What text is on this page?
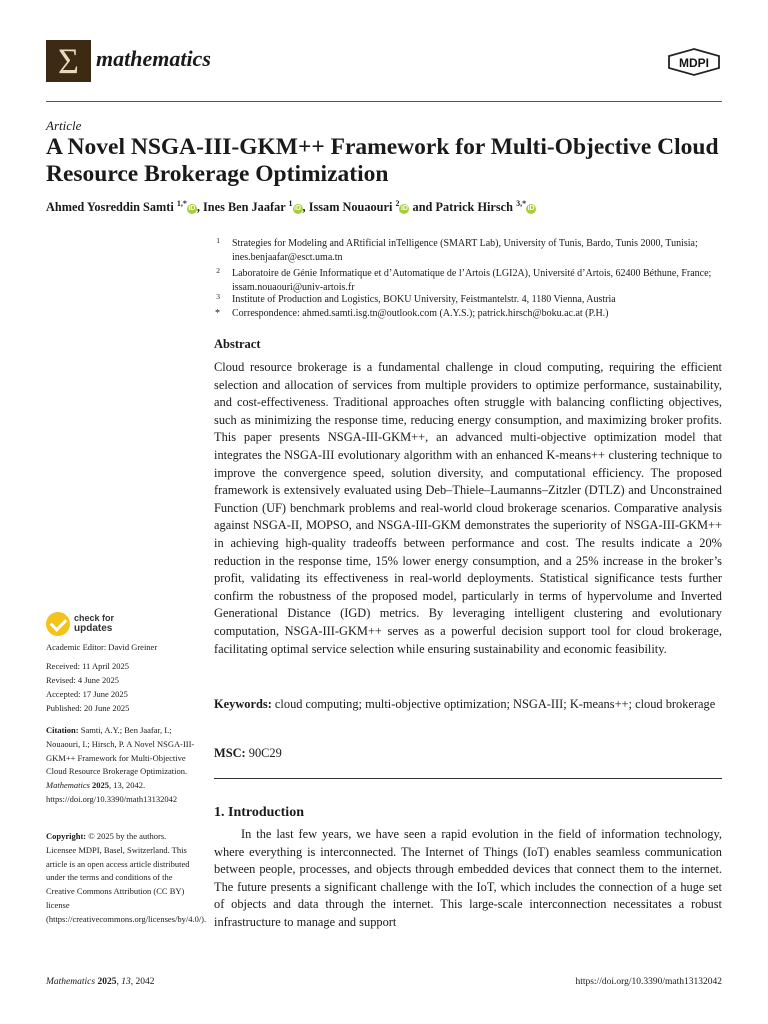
Σ mathematics	MDPI
Article
A Novel NSGA-III-GKM++ Framework for Multi-Objective Cloud Resource Brokerage Optimization
Ahmed Yosreddin Samti $^{1,*}$iD , Ines Ben Jaafar $^1$iD , Issam Nouaouri $^2$iD and Patrick Hirsch $^{3,*}$iD
1	Strategies for Modeling and ARtificial inTelligence (SMART Lab), University of Tunis, Bardo, Tunis 2000, Tunisia; ines.benjaafar@esct.uma.tn
2	Laboratoire de Génie Informatique et d’Automatique de l’Artois (LGI2A), Université d’Artois, 62400 Béthune, France; issam.nouaouri@univ-artois.fr
3	Institute of Production and Logistics, BOKU University, Feistmantelstr. 4, 1180 Vienna, Austria
*	Correspondence: ahmed.samti.isg.tn@outlook.com (A.Y.S.); patrick.hirsch@boku.ac.at (P.H.)
Abstract
Cloud resource brokerage is a fundamental challenge in cloud computing, requiring the efficient selection and allocation of services from multiple providers to optimize performance, sustainability, and cost-effectiveness. Traditional approaches often struggle with balancing conflicting objectives, such as minimizing the response time, reducing energy consumption, and maximizing broker profits. This paper presents NSGA-III-GKM++, an advanced multi-objective optimization model that integrates the NSGA-III evolutionary algorithm with an enhanced K-means++ clustering technique to improve the convergence speed, solution diversity, and computational efficiency. The proposed framework is extensively evaluated using Deb–Thiele–Laumanns–Zitzler (DTLZ) and Unconstrained Function (UF) benchmark problems and real-world cloud brokerage scenarios. Comparative analysis against NSGA-II, MOPSO, and NSGA-III-GKM demonstrates the superiority of NSGA-III-GKM++ in achieving high-quality tradeoffs between performance and cost. The results indicate a 20% reduction in the response time, 15% lower energy consumption, and a 25% increase in the broker’s profit, validating its effectiveness in real-world deployments. Statistical significance tests further confirm the robustness of the proposed model, particularly in terms of hypervolume and Inverted Generational Distance (IGD) metrics. By leveraging intelligent clustering and evolutionary computation, NSGA-III-GKM++ serves as a powerful decision support tool for cloud brokerage, facilitating optimal service selection while ensuring sustainability and economic feasibility.
Keywords: cloud computing; multi-objective optimization; NSGA-III; K-means++; cloud brokerage
MSC: 90C29
1. Introduction
In the last few years, we have seen a rapid evolution in the field of information technology, where everything is interconnected. The Internet of Things (IoT) enables seamless communication between people, processes, and objects through embedded devices that connect them to the internet. The future presents a significant challenge with the IoT, which includes the connection of a huge set of objects and data through the internet. This large-scale interconnection necessitates a robust infrastructure to manage and support
check for
updates
Academic Editor: David Greiner
Received: 11 April 2025
Revised: 4 June 2025
Accepted: 17 June 2025
Published: 20 June 2025
Citation: Samti, A.Y.; Ben Jaafar, I.; Nouaouri, I.; Hirsch, P. A Novel NSGA-III-GKM++ Framework for Multi-Objective Cloud Resource Brokerage Optimization. Mathematics 2025, 13, 2042. https://doi.org/10.3390/math13132042
Copyright: © 2025 by the authors. Licensee MDPI, Basel, Switzerland. This article is an open access article distributed under the terms and conditions of the Creative Commons Attribution (CC BY) license (https://creativecommons.org/licenses/by/4.0/).
Mathematics 2025, 13, 2042	https://doi.org/10.3390/math13132042
